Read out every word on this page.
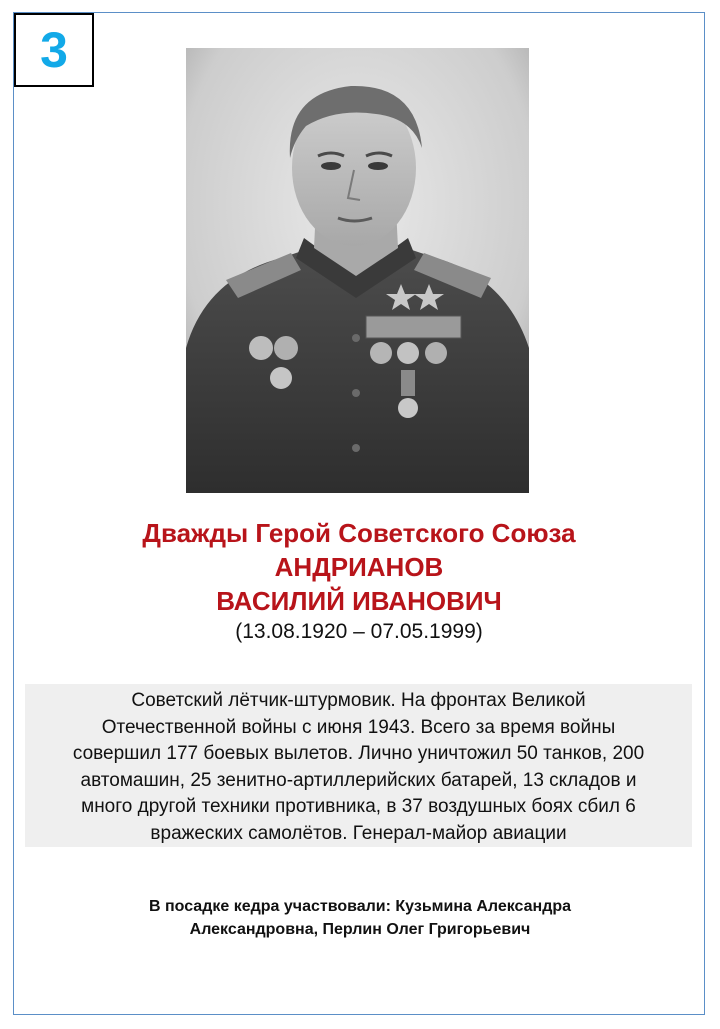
3
Дважды Герой Советского Союза
АНДРИАНОВ
ВАСИЛИЙ ИВАНОВИЧ
(13.08.1920 – 07.05.1999)
Советский лётчик-штурмовик. На фронтах Великой
Отечественной войны с июня 1943. Всего за время войны
совершил 177 боевых вылетов. Лично уничтожил 50 танков, 200
автомашин, 25 зенитно-артиллерийских батарей, 13 складов и
много другой техники противника, в 37 воздушных боях сбил 6
вражеских самолётов. Генерал-майор авиации
В посадке кедра участвовали: Кузьмина Александра
Александровна, Перлин Олег Григорьевич
